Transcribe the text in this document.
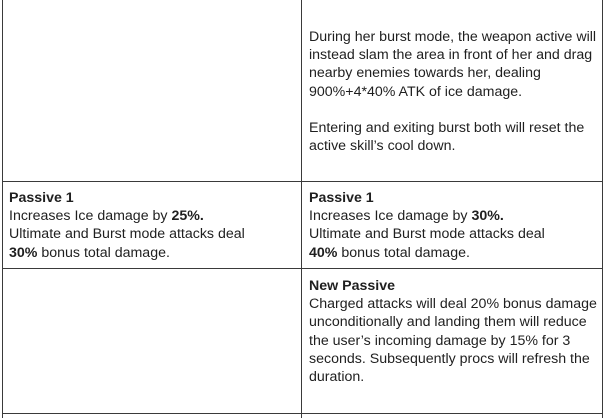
During her burst mode, the weapon active will instead slam the area in front of her and drag nearby enemies towards her, dealing 900%+4*40% ATK of ice damage.

Entering and exiting burst both will reset the active skill’s cool down.

Passive 1
Increases Ice damage by 25%.
Ultimate and Burst mode attacks deal
30% bonus total damage.
Passive 1
Increases Ice damage by 30%.
Ultimate and Burst mode attacks deal
40% bonus total damage.
New Passive

Charged attacks will deal 20% bonus damage unconditionally and landing them will reduce the user’s incoming damage by 15% for 3 seconds. Subsequently procs will refresh the duration.
